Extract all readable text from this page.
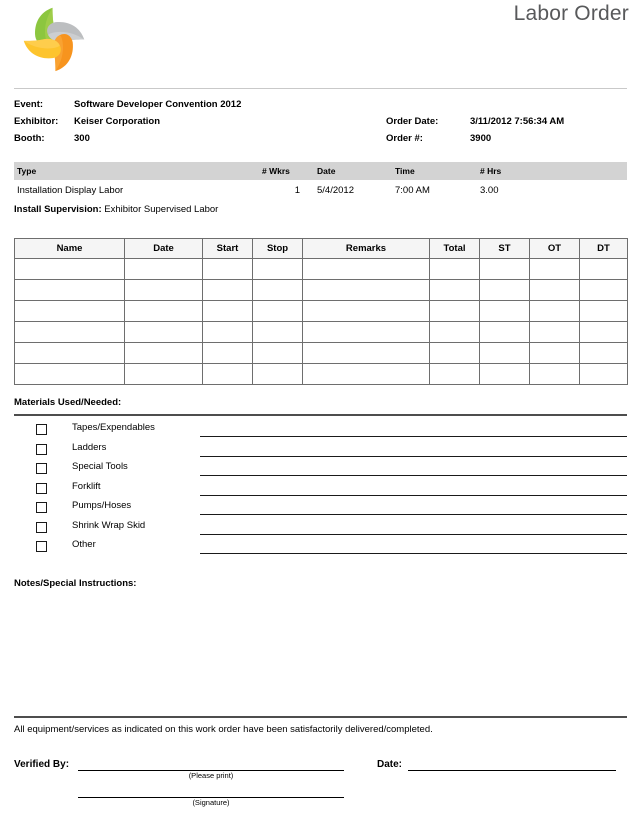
Labor Order
Event:	Software Developer Convention 2012
Exhibitor:	Keiser Corporation	Order Date:	3/11/2012 7:56:34 AM
Booth:	300	Order #:	3900
Type	# Wkrs	Date	Time	# Hrs
Installation Display Labor	1	5/4/2012	7:00 AM	3.00
Install Supervision: Exhibitor Supervised Labor
Name	Date	Start	Stop	Remarks	Total	ST	OT	DT

Materials Used/Needed:
Tapes/Expendables
Ladders
Special Tools
Forklift
Pumps/Hoses
Shrink Wrap Skid
Other
Notes/Special Instructions:
All equipment/services as indicated on this work order have been satisfactorily delivered/completed.
Verified By:
(Please print)
Date:
(Signature)
